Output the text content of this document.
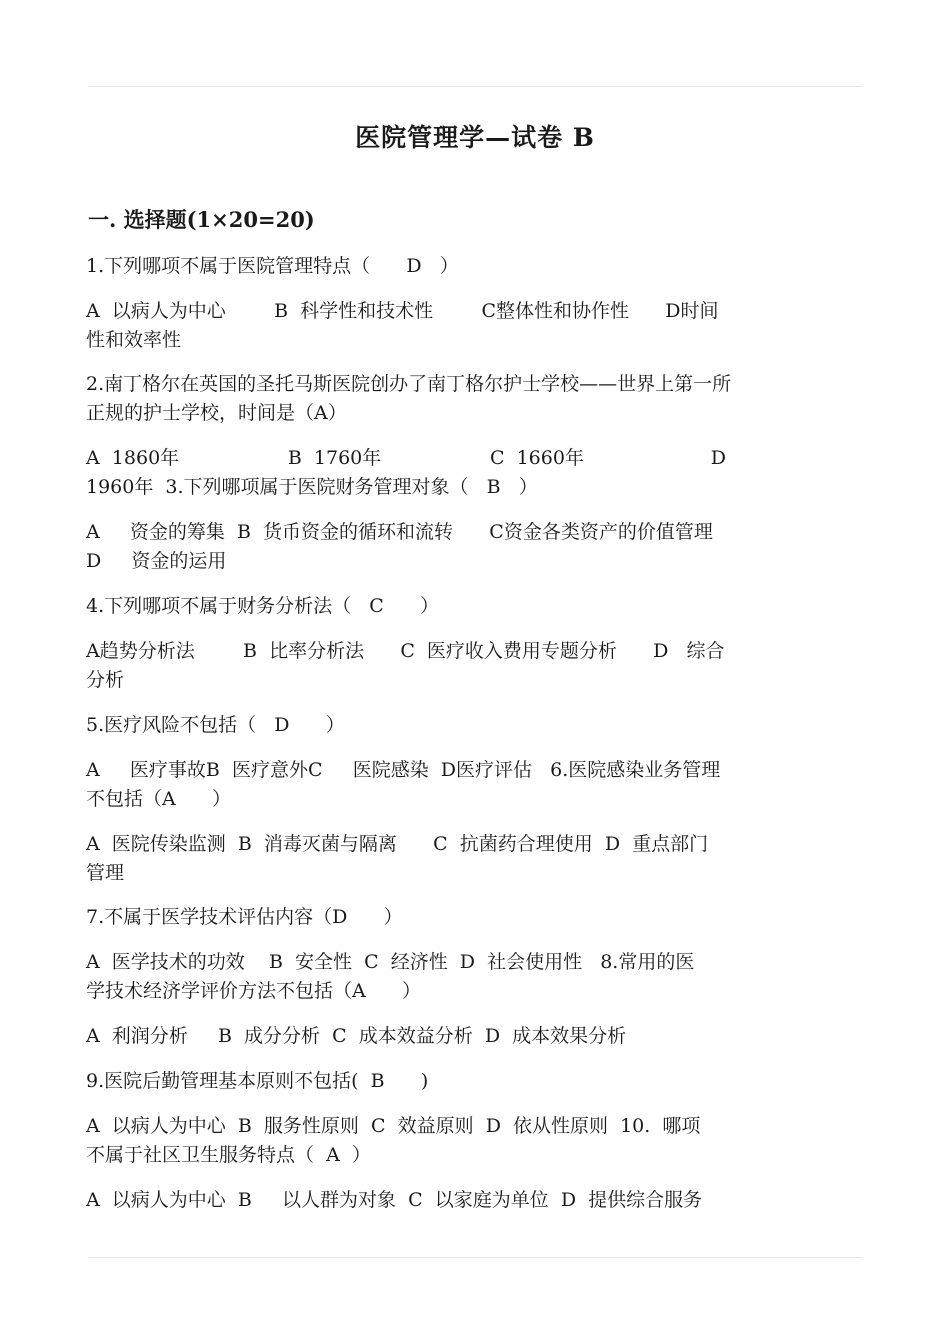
医院管理学—试卷 B
一. 选择题(1×20=20)
1.下列哪项不属于医院管理特点（      D   ）
A  以病人为中心        B  科学性和技术性        C整体性和协作性      D时间
性和效率性
2.南丁格尔在英国的圣托马斯医院创办了南丁格尔护士学校——世界上第一所
正规的护士学校，时间是（A）
A  1860年                  B  1760年                  C  1660年                     D
1960年  3.下列哪项属于医院财务管理对象（   B   ）
A     资金的筹集  B  货币资金的循环和流转      C资金各类资产的价值管理
D     资金的运用
4.下列哪项不属于财务分析法（   C      ）
A趋势分析法        B  比率分析法      C  医疗收入费用专题分析      D   综合
分析
5.医疗风险不包括（   D      ）
A     医疗事故B  医疗意外C     医院感染  D医疗评估   6.医院感染业务管理
不包括（A      ）
A  医院传染监测  B  消毒灭菌与隔离      C  抗菌药合理使用  D  重点部门
管理
7.不属于医学技术评估内容（D      ）
A  医学技术的功效    B  安全性  C  经济性  D  社会使用性   8.常用的医
学技术经济学评价方法不包括（A      ）
A  利润分析     B  成分分析  C  成本效益分析  D  成本效果分析
9.医院后勤管理基本原则不包括(  B      )
A  以病人为中心  B  服务性原则  C  效益原则  D  依从性原则  10.  哪项
不属于社区卫生服务特点（  A  ）
A  以病人为中心  B     以人群为对象  C  以家庭为单位  D  提供综合服务
